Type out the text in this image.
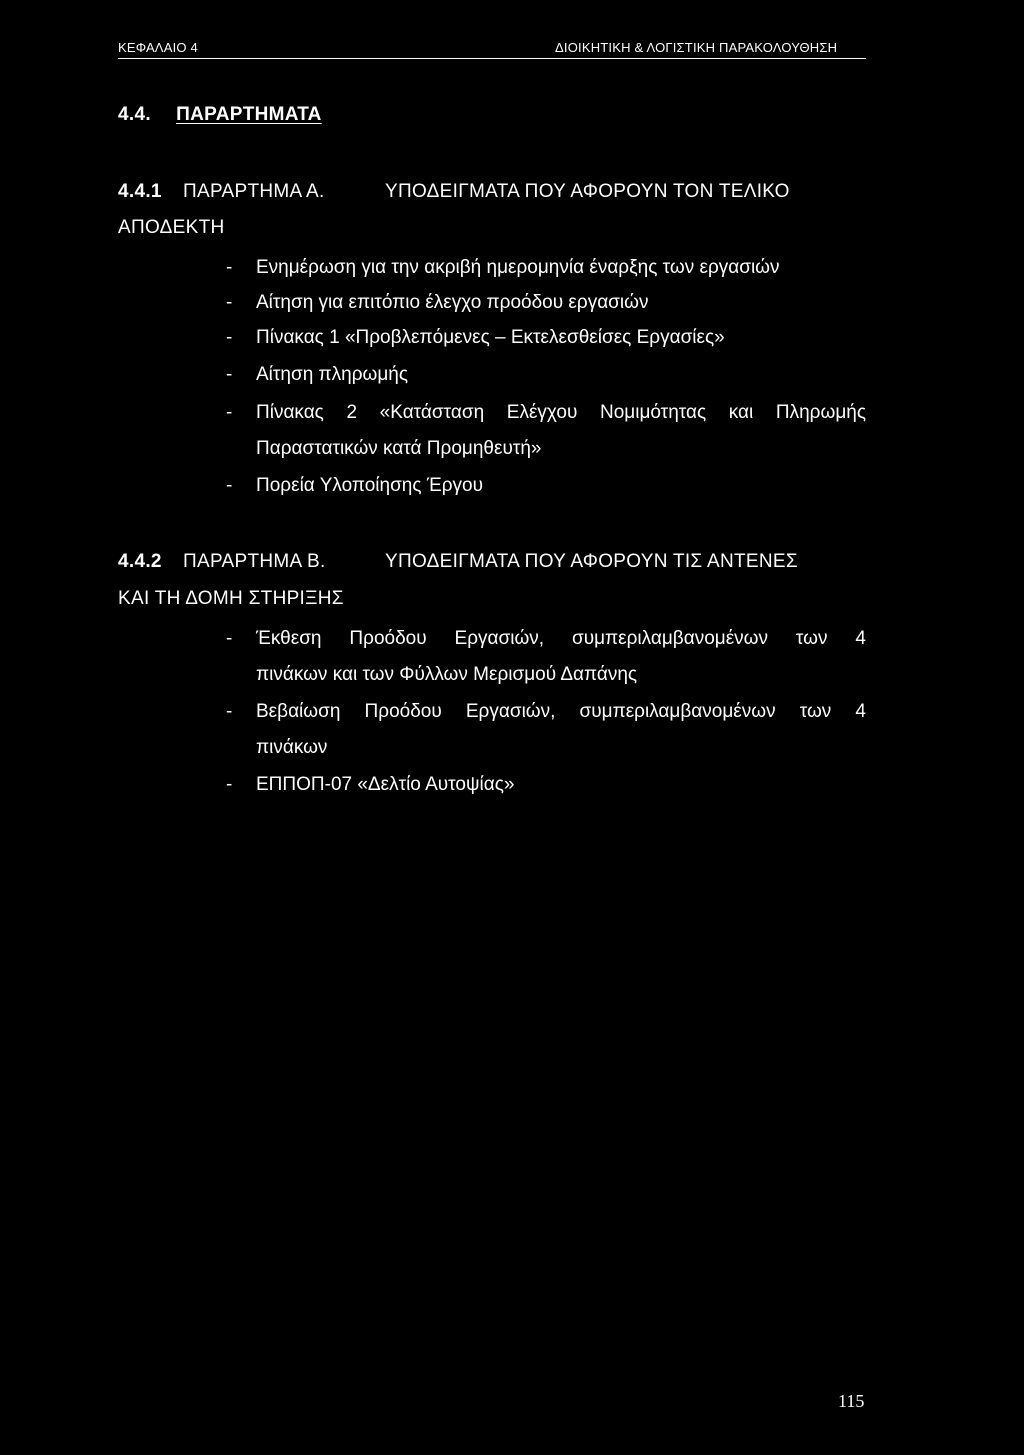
ΚΕΦΑΛΑΙΟ 4	ΔΙΟΙΚΗΤΙΚΗ & ΛΟΓΙΣΤΙΚΗ ΠΑΡΑΚΟΛΟΥΘΗΣΗ
4.4. ΠΑΡΑΡΤΗΜΑΤΑ
4.4.1 ΠΑΡΑΡΤΗΜΑ Α.	ΥΠΟΔΕΙΓΜΑΤΑ ΠΟΥ ΑΦΟΡΟΥΝ ΤΟΝ ΤΕΛΙΚΟ
ΑΠΟΔΕΚΤΗ
- Ενημέρωση για την ακριβή ημερομηνία έναρξης των εργασιών
- Αίτηση για επιτόπιο έλεγχο προόδου εργασιών
- Πίνακας 1 «Προβλεπόμενες – Εκτελεσθείσες Εργασίες»
- Αίτηση πληρωμής
- Πίνακας 2 «Κατάσταση Ελέγχου Νομιμότητας και Πληρωμής
Παραστατικών κατά Προμηθευτή»
- Πορεία Υλοποίησης Έργου
4.4.2 ΠΑΡΑΡΤΗΜΑ Β.	ΥΠΟΔΕΙΓΜΑΤΑ ΠΟΥ ΑΦΟΡΟΥΝ ΤΙΣ ΑΝΤΕΝΕΣ
ΚΑΙ ΤΗ ΔΟΜΗ ΣΤΗΡΙΞΗΣ
- Έκθεση Προόδου Εργασιών, συμπεριλαμβανομένων των 4
πινάκων και των Φύλλων Μερισμού Δαπάνης
- Βεβαίωση Προόδου Εργασιών, συμπεριλαμβανομένων των 4
πινάκων
- ΕΠΠΟΠ-07 «Δελτίο Αυτοψίας»
115
